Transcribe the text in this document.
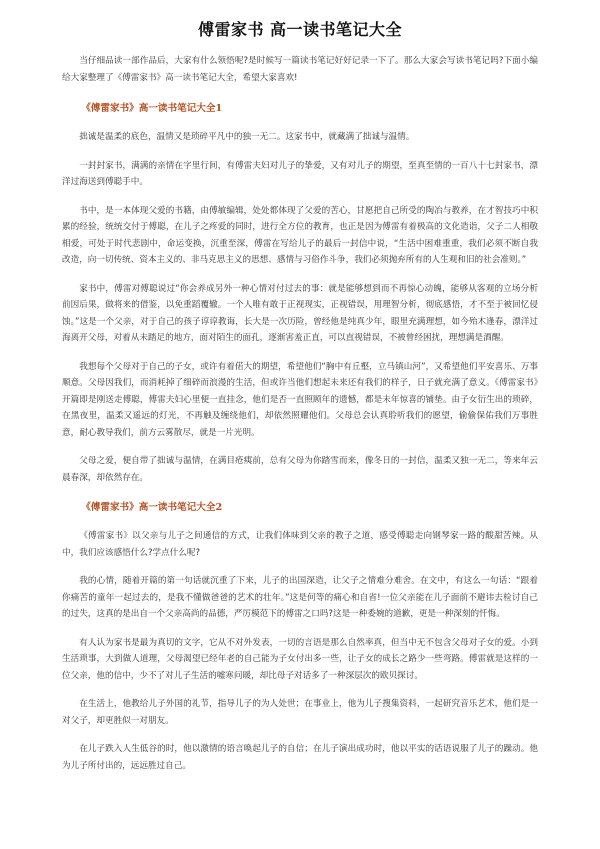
傅雷家书 高一读书笔记大全

当仔细品读一部作品后，大家有什么领悟呢?是时候写一篇读书笔记好好记录一下了。那么大家会写读书笔记吗?下面小编给大家整理了《傅雷家书》高一读书笔记大全，希望大家喜欢!

《傅雷家书》高一读书笔记大全1

拙诚是温柔的底色，温情又是琐碎平凡中的独一无二。这家书中，就藏满了拙诚与温情。

一封封家书，满满的亲情在字里行间，有傅雷夫妇对儿子的挚爱，又有对儿子的期望，至真至情的一百八十七封家书，漂洋过海送到傅聪手中。

书中，是一本体现父爱的书籍，由傅敏编辑，处处都体现了父爱的苦心，甘愿把自己所受的陶冶与教养，在才智技巧中积累的经验，统统交付于傅聪，在儿子之疼爱的同时，进行全方位的教育，也正是因为傅雷有着极高的文化造诣，父子二人相敬相爱，可处于时代悲剧中，命运变换，沉重至深，傅雷在写给儿子的最后一封信中说，“生活中困难重重，我们必须不断自我改造，向一切传统、资本主义的、非马克思主义的思想、感情与习俗作斗争，我们必须抛弃所有的人生观和旧的社会准则。”

家书中，傅雷对傅聪说过“你会养成另外一种心情对付过去的事：就是能够想到而不再惊心动魄，能够从客观的立场分析前因后果，做将来的借鉴，以免重蹈覆辙。一个人唯有敢于正视现实，正视错误，用理智分析，彻底感悟，才不至于被回忆侵蚀。”这是一个父亲，对于自己的孩子谆谆教诲，长大是一次历险，曾经他是纯真少年，眼里充满理想，如今殆木逢春，漂洋过海离开父母，对着从未踏足的地方，面对陌生的面孔，逐渐害羞正直，可以直视错误，不被曾经困扰，理想满是酒醒。

我想每个父母对于自己的子女，或许有着偌大的期望，希望他们“胸中有丘壑，立马镇山河”，又希望他们平安喜乐、万事顺意。父母因我们，而消耗掉了细碎而浪漫的生活，但或许当他们想起未来还有我们的样子，日子就充满了意义。《傅雷家书》开篇即是刚送走傅聪，傅雷夫妇心里便一直挂念，他们是否一直照顾年的遗憾，都是未年惊喜的铺垫。由子女衍生出的琐碎，在黑夜里，温柔又遥远的灯光，不再触及缠绕他们，却依然照耀他们。父母总会认真聆听我们的愿望，偷偷保佑我们万事胜意，耐心教导我们，前方云雾散尽，就是一片光明。

父母之爱，便自带了拙诚与温情，在满目疮痍前，总有父母为你踏雪而来，像冬日的一封信，温柔又独一无二，等来年云晨春深，却依然存在。

《傅雷家书》高一读书笔记大全2

《傅雷家书》以父亲与儿子之间通信的方式，让我们体味到父亲的教子之道，感受傅聪走向钢琴家一路的酸甜苦辣。从中，我们应该感悟什么?学点什么呢?

我的心情，随着开篇的第一句话就沉重了下来，儿子的出国深造，让父子之情难分难舍。在文中，有这么一句话：“跟着你痛苦的童年一起过去的，是我不懂做爸爸的艺术的壮年。”这是何等的痛心和自省!一位父亲能在儿子面前不避讳去检讨自己的过失，这真的是出自一个父亲高尚的品德，严厉模范下的傅雷之口吗?这是一种委婉的道歉，更是一种深刻的忏悔。

有人认为家书是最为真切的文字，它从不对外发表，一切的言语是那么自然率真，但当中无不包含父母对子女的爱。小到生活琐事，大到做人道理，父母渴望已经年老的自己能为子女付出多一些，让子女的成长之路少一些弯路。傅雷就是这样的一位父亲，他的信中，少不了对儿子生活的嘘寒问暖，却比母子对话多了一种深层次的欧贝探讨。

在生活上，他教给儿子外国的礼节，指导儿子的为人处世；在事业上，他为儿子搜集资料，一起研究音乐艺术，他们是一对父子，却更胜似一对朋友。

在儿子跌入人生低谷的时，他以激情的语言唤起儿子的自信；在儿子演出成功时，他以平实的话语说服了儿子的躁动。他为儿子所付出的，远远胜过自己。
